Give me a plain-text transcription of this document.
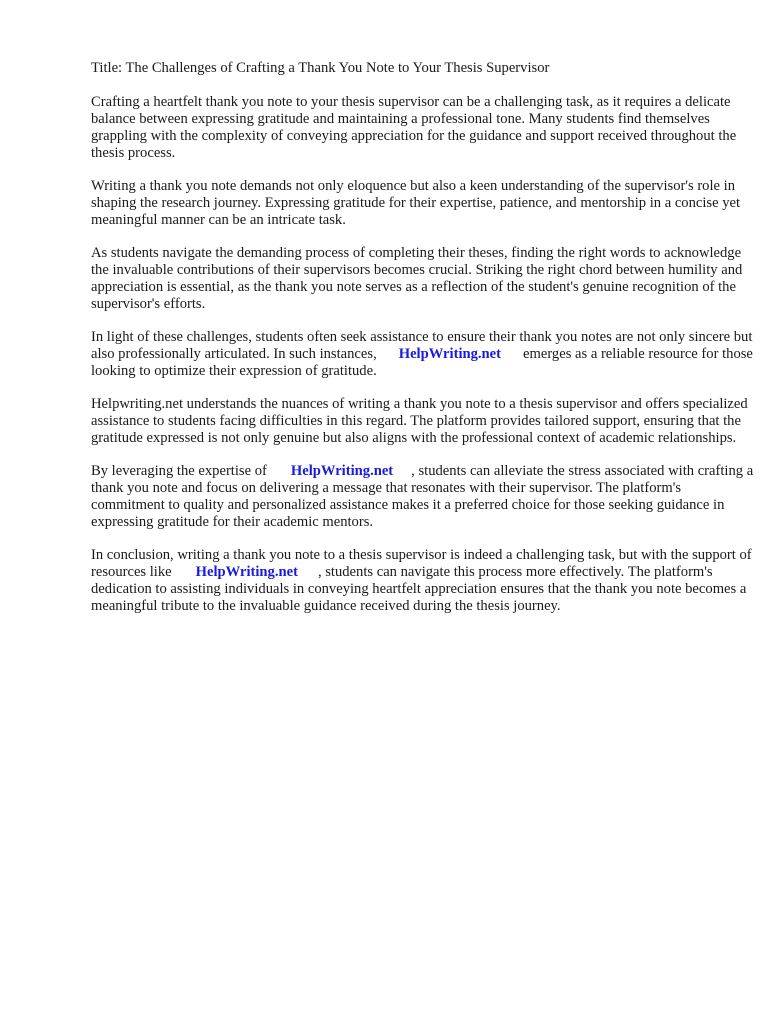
Title: The Challenges of Crafting a Thank You Note to Your Thesis Supervisor

Crafting a heartfelt thank you note to your thesis supervisor can be a challenging task, as it requires a delicate balance between expressing gratitude and maintaining a professional tone. Many students find themselves grappling with the complexity of conveying appreciation for the guidance and support received throughout the thesis process.

Writing a thank you note demands not only eloquence but also a keen understanding of the supervisor's role in shaping the research journey. Expressing gratitude for their expertise, patience, and mentorship in a concise yet meaningful manner can be an intricate task.

As students navigate the demanding process of completing their theses, finding the right words to acknowledge the invaluable contributions of their supervisors becomes crucial. Striking the right chord between humility and appreciation is essential, as the thank you note serves as a reflection of the student's genuine recognition of the supervisor's efforts.

In light of these challenges, students often seek assistance to ensure their thank you notes are not only sincere but also professionally articulated. In such instances, HelpWriting.net emerges as a reliable resource for those looking to optimize their expression of gratitude.

Helpwriting.net understands the nuances of writing a thank you note to a thesis supervisor and offers specialized assistance to students facing difficulties in this regard. The platform provides tailored support, ensuring that the gratitude expressed is not only genuine but also aligns with the professional context of academic relationships.

By leveraging the expertise of HelpWriting.net , students can alleviate the stress associated with crafting a thank you note and focus on delivering a message that resonates with their supervisor. The platform's commitment to quality and personalized assistance makes it a preferred choice for those seeking guidance in expressing gratitude for their academic mentors.

In conclusion, writing a thank you note to a thesis supervisor is indeed a challenging task, but with the support of resources like HelpWriting.net , students can navigate this process more effectively. The platform's dedication to assisting individuals in conveying heartfelt appreciation ensures that the thank you note becomes a meaningful tribute to the invaluable guidance received during the thesis journey.
